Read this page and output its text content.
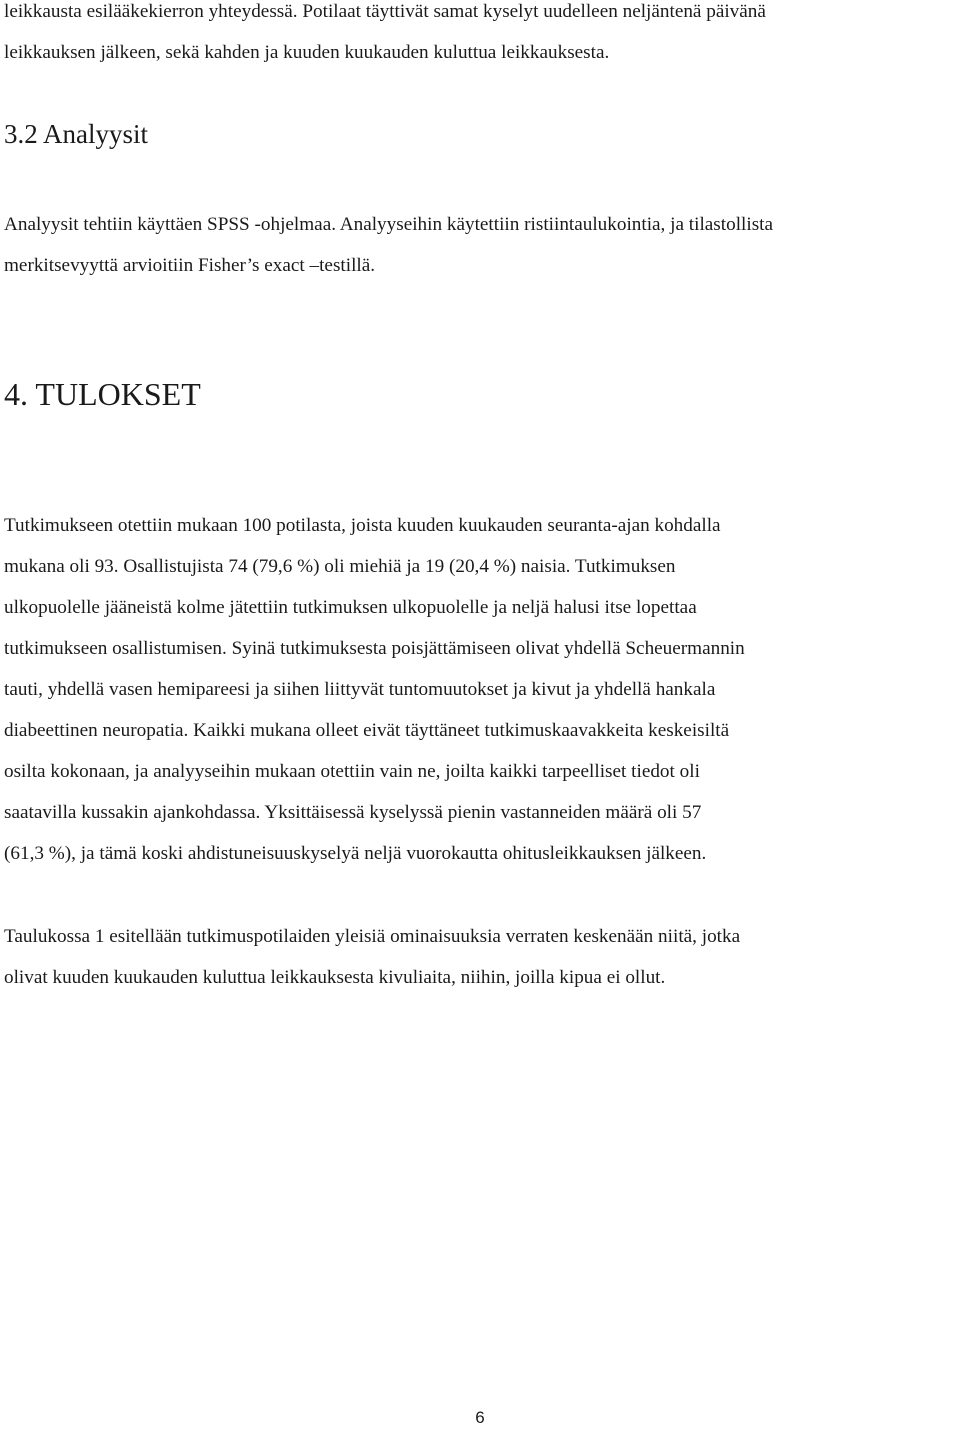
leikkausta esilääkekierron yhteydessä. Potilaat täyttivät samat kyselyt uudelleen neljäntenä päivänä
leikkauksen jälkeen, sekä kahden ja kuuden kuukauden kuluttua leikkauksesta.
3.2 Analyysit
Analyysit tehtiin käyttäen SPSS -ohjelmaa. Analyyseihin käytettiin ristiintaulukointia, ja tilastollista
merkitsevyyttä arvioitiin Fisher’s exact –testillä.
4. TULOKSET
Tutkimukseen otettiin mukaan 100 potilasta, joista kuuden kuukauden seuranta-ajan kohdalla
mukana oli 93. Osallistujista 74 (79,6 %) oli miehiä ja 19 (20,4 %) naisia. Tutkimuksen
ulkopuolelle jääneistä kolme jätettiin tutkimuksen ulkopuolelle ja neljä halusi itse lopettaa
tutkimukseen osallistumisen. Syinä tutkimuksesta poisjättämiseen olivat yhdellä Scheuermannin
tauti, yhdellä vasen hemipareesi ja siihen liittyvät tuntomuutokset ja kivut ja yhdellä hankala
diabeettinen neuropatia. Kaikki mukana olleet eivät täyttäneet tutkimuskaavakkeita keskeisiltä
osilta kokonaan, ja analyyseihin mukaan otettiin vain ne, joilta kaikki tarpeelliset tiedot oli
saatavilla kussakin ajankohdassa. Yksittäisessä kyselyssä pienin vastanneiden määrä oli 57
(61,3 %), ja tämä koski ahdistuneisuuskyselyä neljä vuorokautta ohitusleikkauksen jälkeen.
Taulukossa 1 esitellään tutkimuspotilaiden yleisiä ominaisuuksia verraten keskenään niitä, jotka
olivat kuuden kuukauden kuluttua leikkauksesta kivuliaita, niihin, joilla kipua ei ollut.
6
